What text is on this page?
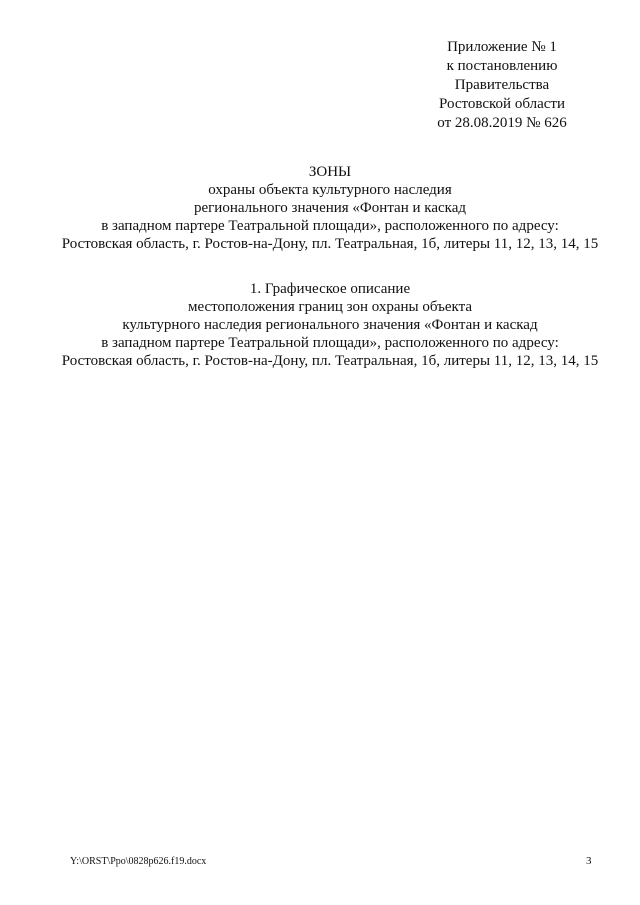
Приложение № 1
к постановлению
Правительства
Ростовской области
от 28.08.2019 № 626
ЗОНЫ
охраны объекта культурного наследия
регионального значения «Фонтан и каскад
в западном партере Театральной площади», расположенного по адресу:
Ростовская область, г. Ростов-на-Дону, пл. Театральная, 1б, литеры 11, 12, 13, 14, 15
1. Графическое описание
местоположения границ зон охраны объекта
культурного наследия регионального значения «Фонтан и каскад
в западном партере Театральной площади», расположенного по адресу:
Ростовская область, г. Ростов-на-Дону, пл. Театральная, 1б, литеры 11, 12, 13, 14, 15
Y:\ORST\Ppo\0828p626.f19.docx	3
